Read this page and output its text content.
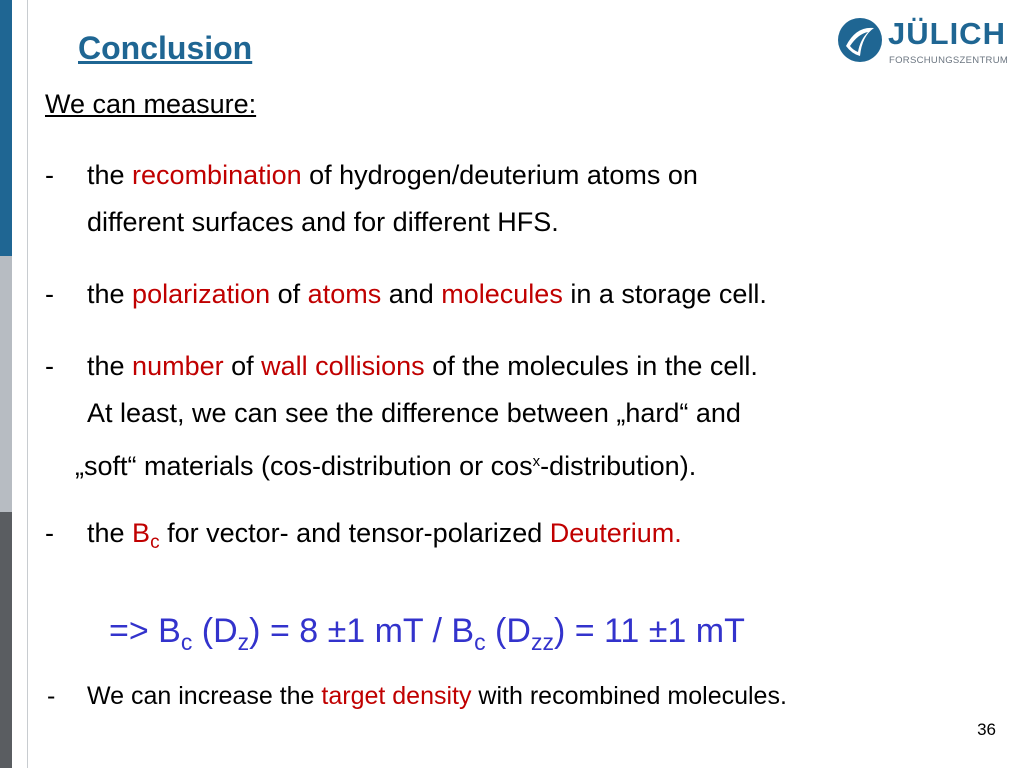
Conclusion	JÜLICH
FORSCHUNGSZENTRUM
We can measure:
- the recombination of hydrogen/deuterium atoms on
different surfaces and for different HFS.
- the polarization of atoms and molecules in a storage cell.
- the number of wall collisions of the molecules in the cell.
At least, we can see the difference between „hard“ and
„soft“ materials (cos-distribution or $\cos^x-distribution$).
- the $B_c$ for vector- and tensor-polarized Deuterium.
=> $B_c$ $(D_z) = 8 \pm 1$ mT / $B_c$ $(D_{zz}) = 11 \pm 1$ mT
- We can increase the target density with recombined molecules.
36
